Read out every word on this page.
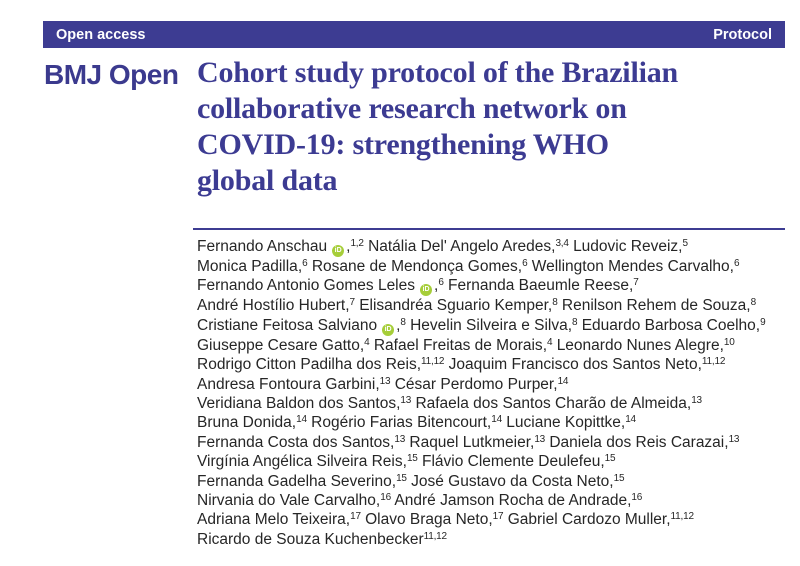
Open access	Protocol
BMJ Open Cohort study protocol of the Brazilian
collaborative research network on
COVID-19: strengthening WHO
global data
Fernando Anschau iD ,$^{1,2}$ Natália Del' Angelo Aredes,$^{3,4}$ Ludovic Reveiz,$^5$
Monica Padilla,$^6$ Rosane de Mendonça Gomes,$^6$ Wellington Mendes Carvalho,$^6$
Fernando Antonio Gomes Leles iD ,$^6$ Fernanda Baeumle Reese,$^7$
André Hostílio Hubert,$^7$ Elisandréa Sguario Kemper,$^8$ Renilson Rehem de Souza,$^8$
Cristiane Feitosa Salviano iD ,$^8$ Hevelin Silveira e Silva,$^8$ Eduardo Barbosa Coelho,$^9$
Giuseppe Cesare Gatto,$^4$ Rafael Freitas de Morais,$^4$ Leonardo Nunes Alegre,$^{10}$
Rodrigo Citton Padilha dos Reis,$^{11,12}$ Joaquim Francisco dos Santos Neto,$^{11,12}$
Andresa Fontoura Garbini,$^{13}$ César Perdomo Purper,$^{14}$
Veridiana Baldon dos Santos,$^{13}$ Rafaela dos Santos Charão de Almeida,$^{13}$
Bruna Donida,$^{14}$ Rogério Farias Bitencourt,$^{14}$ Luciane Kopittke,$^{14}$
Fernanda Costa dos Santos,$^{13}$ Raquel Lutkmeier,$^{13}$ Daniela dos Reis Carazai,$^{13}$
Virgínia Angélica Silveira Reis,$^{15}$ Flávio Clemente Deulefeu,$^{15}$
Fernanda Gadelha Severino,$^{15}$ José Gustavo da Costa Neto,$^{15}$
Nirvania do Vale Carvalho,$^{16}$ André Jamson Rocha de Andrade,$^{16}$
Adriana Melo Teixeira,$^{17}$ Olavo Braga Neto,$^{17}$ Gabriel Cardozo Muller,$^{11,12}$
Ricardo de Souza Kuchenbecker$^{11,12}$
